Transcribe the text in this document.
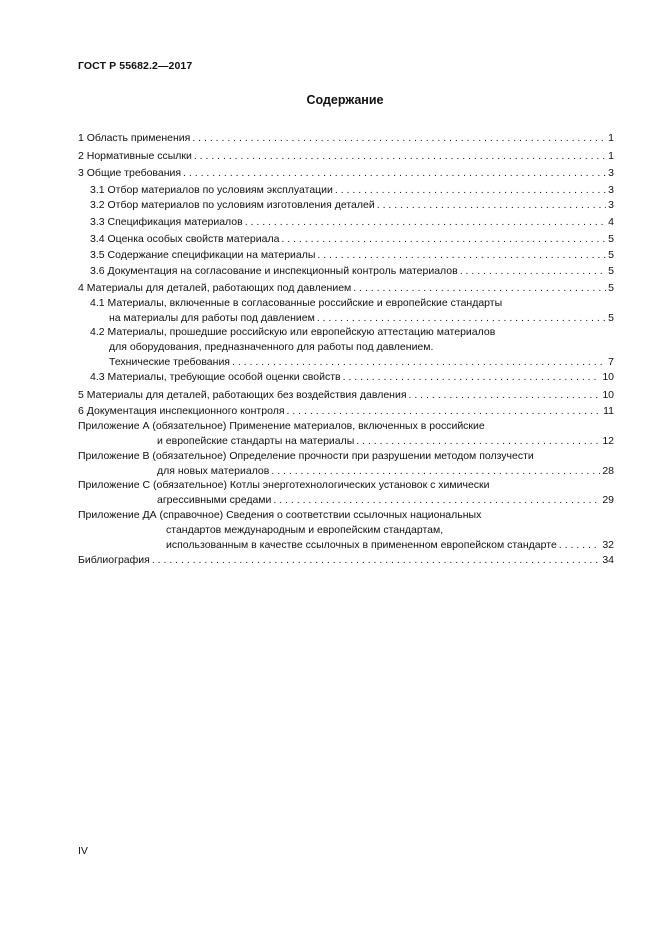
ГОСТ Р 55682.2—2017
Содержание
1 Область применения . . .	1
2 Нормативные ссылки . . .	1
3 Общие требования . . .	3
3.1 Отбор материалов по условиям эксплуатации . . .	3
3.2 Отбор материалов по условиям изготовления деталей . . .	3
3.3 Спецификация материалов . . .	4
3.4 Оценка особых свойств материала . . .	5
3.5 Содержание спецификации на материалы . . .	5
3.6 Документация на согласование и инспекционный контроль материалов . . .	5
4 Материалы для деталей, работающих под давлением . . .	5
4.1 Материалы, включенные в согласованные российские и европейские стандарты
на материалы для работы под давлением . . .	5
4.2 Материалы, прошедшие российскую или европейскую аттестацию материалов
для оборудования, предназначенного для работы под давлением.
Технические требования . . .	7
4.3 Материалы, требующие особой оценки свойств . . .	10
5 Материалы для деталей, работающих без воздействия давления . . .	10
6 Документация инспекционного контроля . . .	11
Приложение А (обязательное) Применение материалов, включенных в российские
и европейские стандарты на материалы . . .	12
Приложение В (обязательное) Определение прочности при разрушении методом ползучести
для новых материалов . . .	28
Приложение С (обязательное) Котлы энерготехнологических установок с химически
агрессивными средами . . .	29
Приложение ДА (справочное) Сведения о соответствии ссылочных национальных
стандартов международным и европейским стандартам,
использованным в качестве ссылочных в примененном европейском стандарте . . .	32
Библиография . . .	34
IV
